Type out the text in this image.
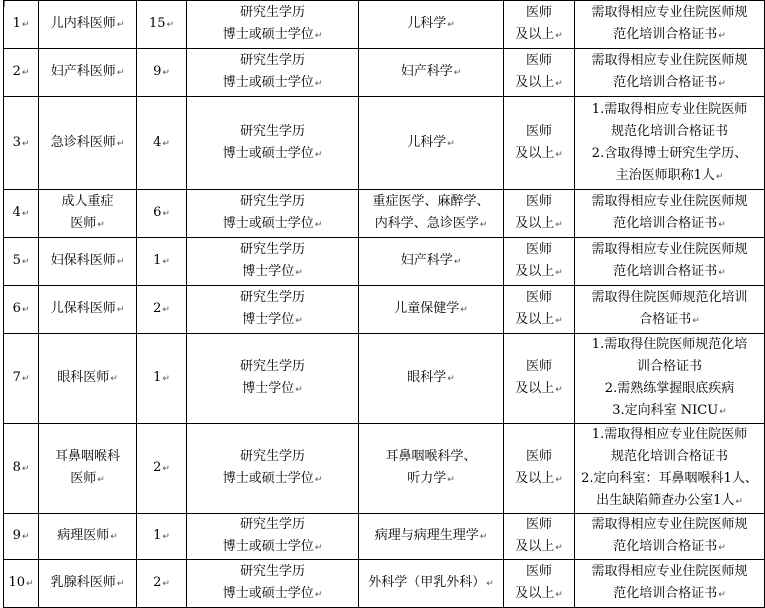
1↵	儿内科医师↵	15↵	研究生学历
博士或硕士学位↵	儿科学↵	医师
及以上↵	需取得相应专业住院医师规
范化培训合格证书↵

2↵	妇产科医师↵	9↵	研究生学历
博士或硕士学位↵	妇产科学↵	医师
及以上↵	需取得相应专业住院医师规
范化培训合格证书↵

3↵	急诊科医师↵	4↵	研究生学历
博士或硕士学位↵	儿科学↵	医师
及以上↵	1.需取得相应专业住院医师
规范化培训合格证书
2.含取得博士研究生学历、
主治医师职称1人↵

4↵	成人重症
医师↵	6↵	研究生学历
博士或硕士学位↵	重症医学、麻醉学、
内科学、急诊医学↵	医师
及以上↵	需取得相应专业住院医师规
范化培训合格证书↵

5↵	妇保科医师↵	1↵	研究生学历
博士学位↵	妇产科学↵	医师
及以上↵	需取得相应专业住院医师规
范化培训合格证书↵

6↵	儿保科医师↵	2↵	研究生学历
博士学位↵	儿童保健学↵	医师
及以上↵	需取得住院医师规范化培训
合格证书↵

7↵	眼科医师↵	1↵	研究生学历
博士学位↵	眼科学↵	医师
及以上↵	1.需取得住院医师规范化培
训合格证书
2.需熟练掌握眼底疾病
3.定向科室 NICU↵

8↵	耳鼻咽喉科
医师↵	2↵	研究生学历
博士或硕士学位↵	耳鼻咽喉科学、
听力学↵	医师
及以上↵	1.需取得相应专业住院医师
规范化培训合格证书
2.定向科室：耳鼻咽喉科1人、
出生缺陷筛查办公室1人↵

9↵	病理医师↵	1↵	研究生学历
博士或硕士学位↵	病理与病理生理学↵	医师
及以上↵	需取得相应专业住院医师规
范化培训合格证书↵

10↵	乳腺科医师↵	2↵	研究生学历
博士或硕士学位↵	外科学（甲乳外科）↵	医师
及以上↵	需取得相应专业住院医师规
范化培训合格证书↵
